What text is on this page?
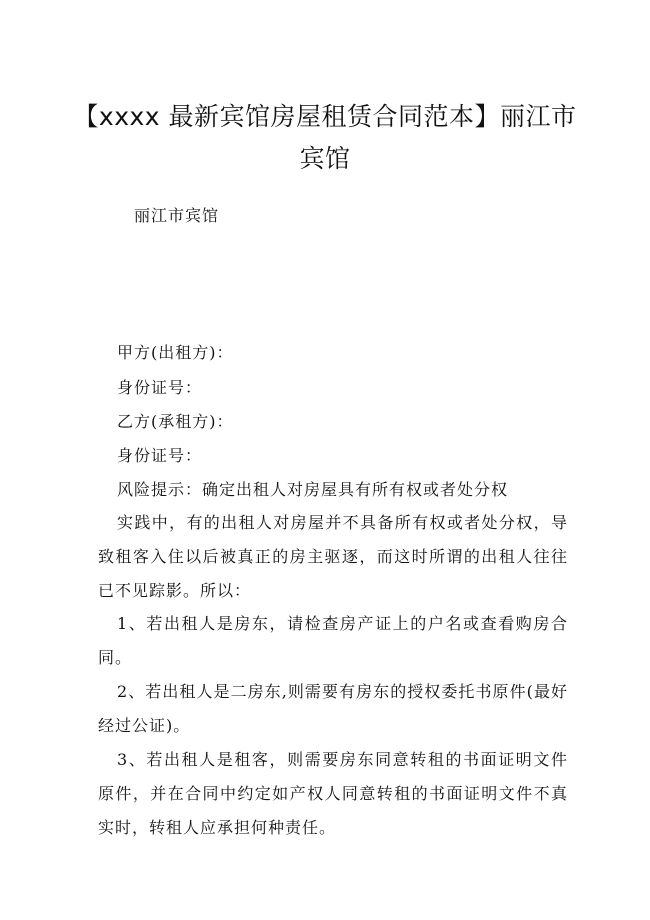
【xxxx 最新宾馆房屋租赁合同范本】丽江市宾馆
丽江市宾馆
甲方(出租方)：
身份证号：
乙方(承租方)：
身份证号：
风险提示：确定出租人对房屋具有所有权或者处分权
实践中，有的出租人对房屋并不具备所有权或者处分权，导致租客入住以后被真正的房主驱逐，而这时所谓的出租人往往已不见踪影。所以：
1、若出租人是房东，请检查房产证上的户名或查看购房合同。
2、若出租人是二房东,则需要有房东的授权委托书原件(最好经过公证)。
3、若出租人是租客，则需要房东同意转租的书面证明文件原件，并在合同中约定如产权人同意转租的书面证明文件不真实时，转租人应承担何种责任。
